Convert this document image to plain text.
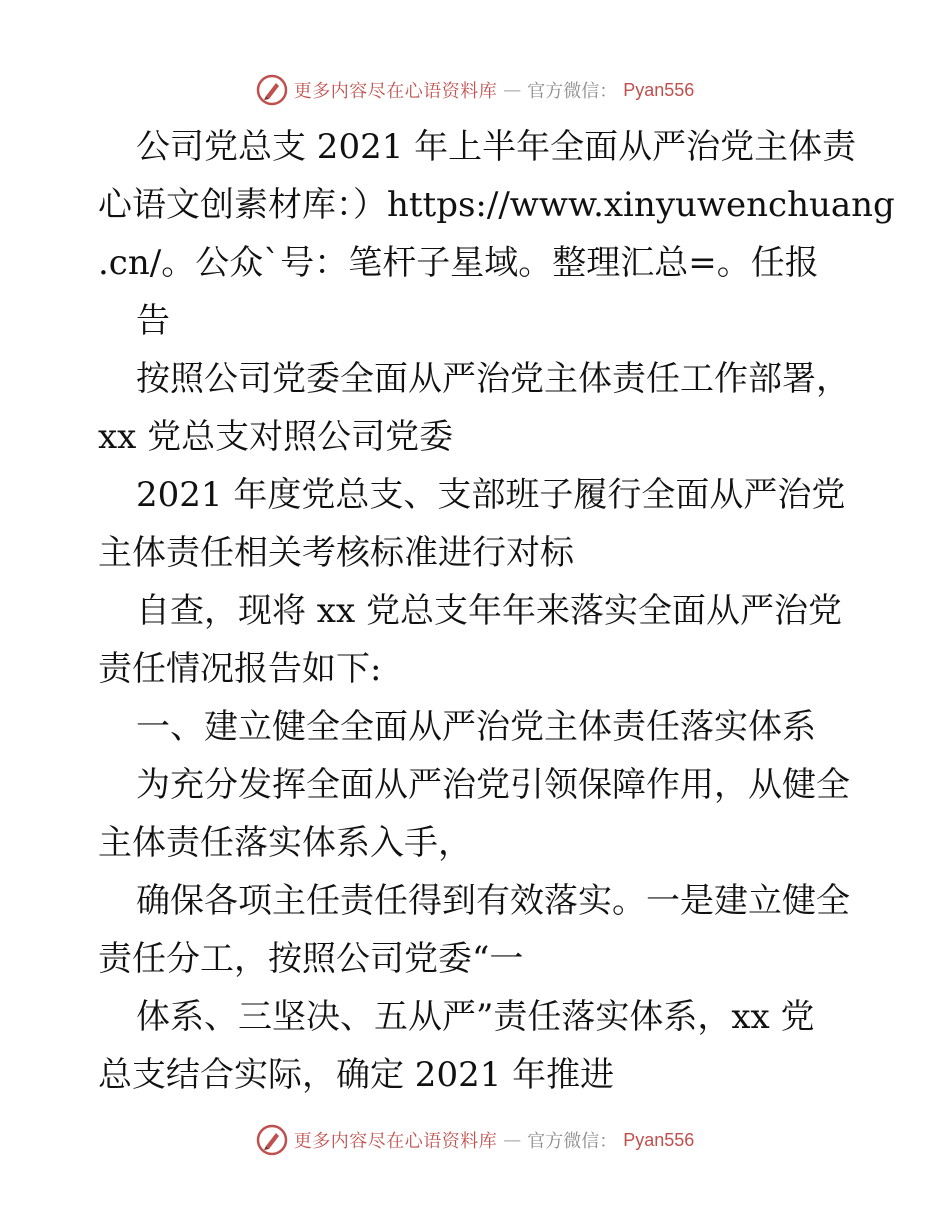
更多内容尽在心语资料库 — 官方微信： Pyan556
公司党总支 2021 年上半年全面从严治党主体责
心语文创素材库：）https://www.xinyuwenchuang
.cn/。公众`号：笔杆子星域。整理汇总=。任报
告
按照公司党委全面从严治党主体责任工作部署，
xx 党总支对照公司党委
2021 年度党总支、支部班子履行全面从严治党
主体责任相关考核标准进行对标
自查，现将 xx 党总支年年来落实全面从严治党
责任情况报告如下:
一、建立健全全面从严治党主体责任落实体系
为充分发挥全面从严治党引领保障作用，从健全
主体责任落实体系入手，
确保各项主任责任得到有效落实。一是建立健全
责任分工，按照公司党委“一
体系、三坚决、五从严”责任落实体系，xx 党
总支结合实际，确定 2021 年推进
更多内容尽在心语资料库 — 官方微信： Pyan556
